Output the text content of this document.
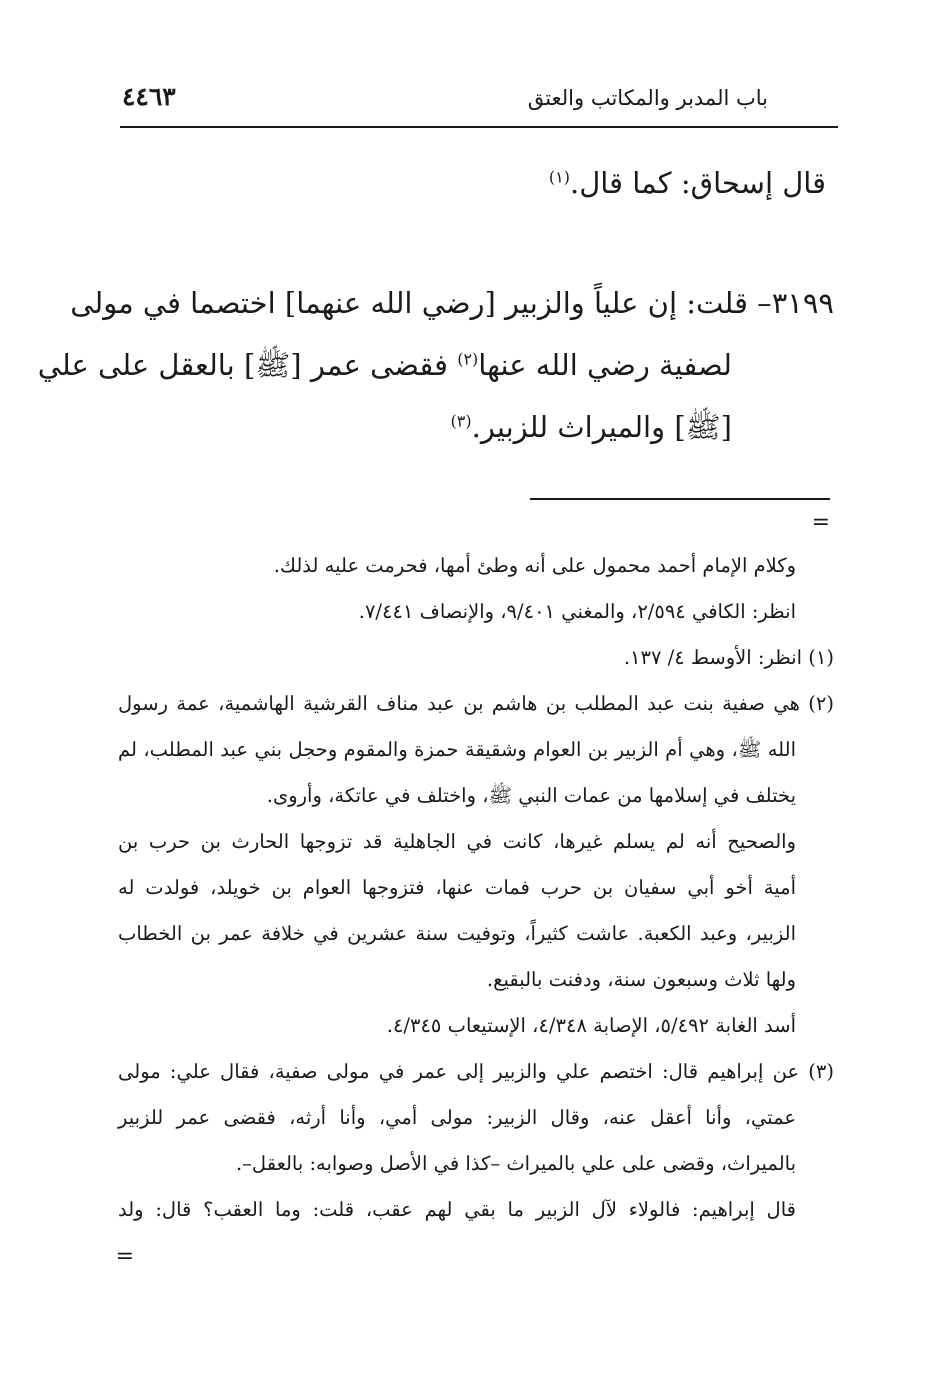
باب المدبر والمكاتب والعتق
٤٤٦٣
قال إسحاق: كما قال.$^{(١)}$
٣١٩٩– قلت: إن علياً والزبير [رضي الله عنهما] اختصما في مولى
لصفية رضي الله عنها$^{(٢)}$ فقضى عمر [ﷺ] بالعقل على علي
[ﷺ] والميراث للزبير.$^{(٣)}$
=
وكلام الإمام أحمد محمول على أنه وطئ أمها، فحرمت عليه لذلك.
انظر: الكافي ٢/٥٩٤، والمغني ٩/٤٠١، والإنصاف ٧/٤٤١.
(١) انظر: الأوسط ٤/ ١٣٧.
(٢) هي صفية بنت عبد المطلب بن هاشم بن عبد مناف القرشية الهاشمية، عمة رسول
الله ﷺ، وهي أم الزبير بن العوام وشقيقة حمزة والمقوم وحجل بني عبد المطلب، لم
يختلف في إسلامها من عمات النبي ﷺ، واختلف في عاتكة، وأروى.
والصحيح أنه لم يسلم غيرها، كانت في الجاهلية قد تزوجها الحارث بن حرب بن
أمية أخو أبي سفيان بن حرب فمات عنها، فتزوجها العوام بن خويلد، فولدت له
الزبير، وعبد الكعبة. عاشت كثيراً، وتوفيت سنة عشرين في خلافة عمر بن الخطاب
ولها ثلاث وسبعون سنة، ودفنت بالبقيع.
أسد الغابة ٥/٤٩٢، الإصابة ٤/٣٤٨، الإستيعاب ٤/٣٤٥.
(٣) عن إبراهيم قال: اختصم علي والزبير إلى عمر في مولى صفية، فقال علي: مولى
عمتي، وأنا أعقل عنه، وقال الزبير: مولى أمي، وأنا أرثه، فقضى عمر للزبير
بالميراث، وقضى على علي بالميراث –كذا في الأصل وصوابه: بالعقل–.
قال إبراهيم: فالولاء لآل الزبير ما بقي لهم عقب، قلت: وما العقب؟ قال: ولد
=
